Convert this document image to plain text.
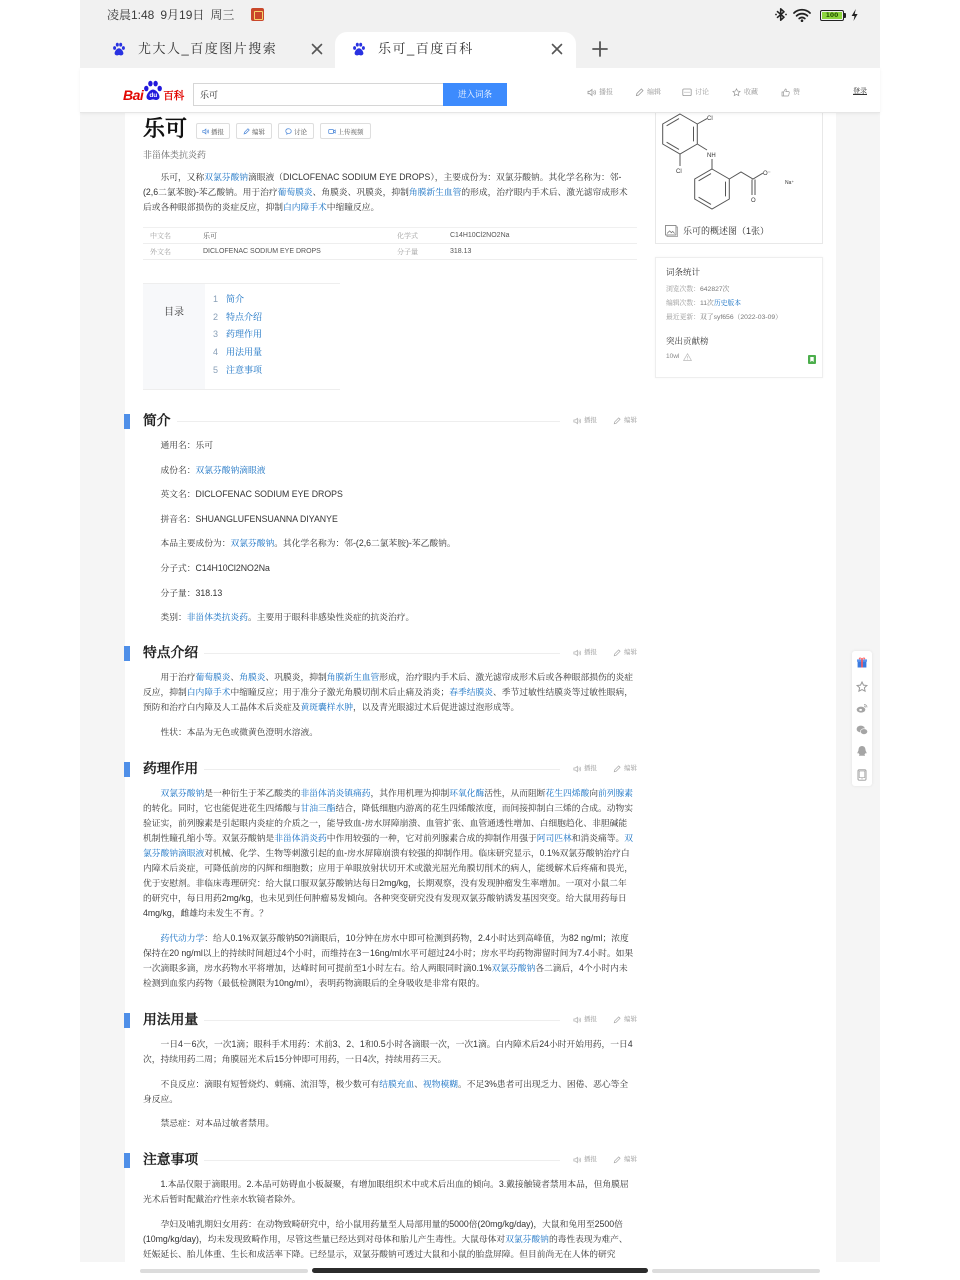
凌晨1:48 9月19日 周三	100
尤大人_百度图片搜索	乐可_百度百科
Bai du 百科
乐可	进入词条	播报	编辑	讨论	收藏	赞	登录
乐可	播报	编辑	讨论	上传视频
非甾体类抗炎药

乐可，又称双氯芬酸钠滴眼液（DICLOFENAC SODIUM EYE DROPS），主要成份为：双氯芬酸钠。其化学名称为：邻-(2,6二氯苯胺)-苯乙酸钠。用于治疗葡萄膜炎、角膜炎、巩膜炎，抑制角膜新生血管的形成，治疗眼内手术后、激光滤帘成形术后或各种眼部损伤的炎症反应，抑制白内障手术中缩瞳反应。

中文名	乐可	化学式	C14H10Cl2NO2Na
外文名	DICLOFENAC SODIUM EYE DROPS	分子量	318.13
目录
1 简介
2 特点介绍
3 药理作用
4 用法用量
5 注意事项
Cl
NH
Cl	O⁻
O
Na⁺
乐可的概述图（1张）
词条统计
浏览次数：642827次
编辑次数：11次历史版本
最近更新：双了syf656（2022-03-09）
突出贡献榜
10wl
简介	播报	编辑

通用名：乐可

成份名：双氯芬酸钠滴眼液

英文名：DICLOFENAC SODIUM EYE DROPS

拼音名：SHUANGLUFENSUANNA DIYANYE

本品主要成份为：双氯芬酸钠。其化学名称为：邻-(2,6二氯苯胺)-苯乙酸钠。

分子式：C14H10Cl2NO2Na

分子量：318.13

类别：非甾体类抗炎药。主要用于眼科非感染性炎症的抗炎治疗。

特点介绍	播报	编辑

用于治疗葡萄膜炎、角膜炎、巩膜炎，抑制角膜新生血管形成，治疗眼内手术后、激光滤帘成形术后或各种眼部损伤的炎症反应，抑制白内障手术中缩瞳反应；用于准分子激光角膜切削术后止痛及消炎；春季结膜炎、季节过敏性结膜炎等过敏性眼病，预防和治疗白内障及人工晶体术后炎症及黄斑囊样水肿，以及青光眼滤过术后促进滤过泡形成等。

性状：本品为无色或微黄色澄明水溶液。

药理作用	播报	编辑

双氯芬酸钠是一种衍生于苯乙酸类的非甾体消炎镇痛药，其作用机理为抑制环氧化酶活性，从而阻断花生四烯酸向前列腺素的转化。同时，它也能促进花生四烯酸与甘油三酯结合，降低细胞内游离的花生四烯酸浓度，而间接抑制白三烯的合成。动物实验证实，前列腺素是引起眼内炎症的介质之一，能导致血-房水屏障崩溃、血管扩张、血管通透性增加、白细胞趋化、非胆碱能机制性瞳孔缩小等。双氯芬酸钠是非甾体消炎药中作用较强的一种，它对前列腺素合成的抑制作用强于阿司匹林和消炎痛等。双氯芬酸钠滴眼液对机械、化学、生物等刺激引起的血-房水屏障崩溃有较强的抑制作用。临床研究显示，0.1%双氯芬酸钠治疗白内障术后炎症，可降低前房的闪辉和细胞数；应用于单眼放射状切开术或激光屈光角膜切削术的病人，能缓解术后疼痛和畏光，优于安慰剂。非临床毒理研究：给大鼠口服双氯芬酸钠达每日2mg/kg，长期观察，没有发现肿瘤发生率增加。一项对小鼠二年的研究中，每日用药2mg/kg，也未见到任何肿瘤易发倾向。各种突变研究没有发现双氯芬酸钠诱发基因突变。给大鼠用药每日4mg/kg，雌雄均未发生不育。？

药代动力学：给人0.1%双氯芬酸钠50?l滴眼后，10分钟在房水中即可检测到药物，2.4小时达到高峰值，为82 ng/ml；浓度保持在20 ng/ml以上的持续时间超过4个小时，而维持在3－16ng/ml水平可超过24小时；房水平均药物滞留时间为7.4小时。如果一次滴眼多滴，房水药物水平将增加，达峰时间可提前至1小时左右。给人两眼同时滴0.1%双氯芬酸钠各二滴后，4个小时内未检测到血浆内药物（最低检测限为10ng/ml），表明药物滴眼后的全身吸收是非常有限的。

用法用量	播报	编辑

一日4－6次，一次1滴；眼科手术用药：术前3、2、1和0.5小时各滴眼一次，一次1滴。白内障术后24小时开始用药，一日4次，持续用药二周；角膜屈光术后15分钟即可用药，一日4次，持续用药三天。

不良反应：滴眼有短暂烧灼、刺痛、流泪等，极少数可有结膜充血、视物模糊。不足3%患者可出现乏力、困倦、恶心等全身反应。

禁忌症：对本品过敏者禁用。

注意事项	播报	编辑

1.本品仅限于滴眼用。2.本品可妨碍血小板凝聚，有增加眼组织术中或术后出血的倾向。3.戴接触镜者禁用本品，但角膜屈光术后暂时配戴治疗性亲水软镜者除外。

孕妇及哺乳期妇女用药：在动物致畸研究中，给小鼠用药量至人局部用量的5000倍(20mg/kg/day)，大鼠和兔用至2500倍(10mg/kg/day)，均未发现致畸作用，尽管这些量已经达到对母体和胎儿产生毒性。大鼠母体对双氯芬酸钠的毒性表现为难产、妊娠延长、胎儿体重、生长和成活率下降。已经显示，双氯芬酸钠可透过大鼠和小鼠的胎盘屏障。但目前尚无在人体的研究
